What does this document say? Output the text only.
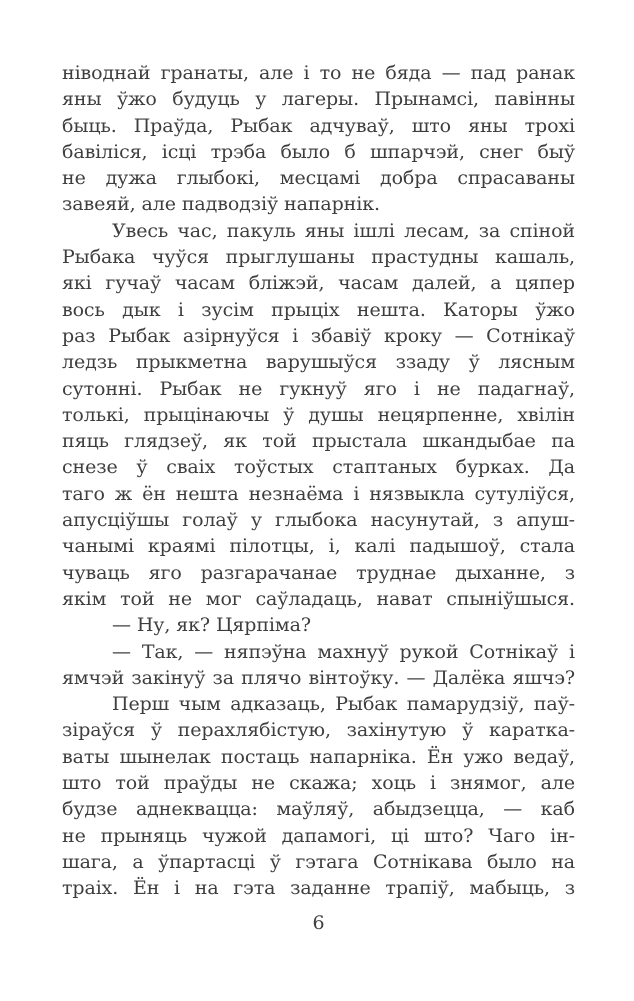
ніводнай гранаты, але і то не бяда — пад ранак
яны ўжо будуць у лагеры. Прынамсі, павінны
быць. Праўда, Рыбак адчуваў, што яны трохі
бавіліся, ісці трэба было б шпарчэй, снег быў
не дужа глыбокі, месцамі добра спрасаваны
завеяй, але падводзіў напарнік.
Увесь час, пакуль яны ішлі лесам, за спіной
Рыбака чуўся прыглушаны прастудны кашаль,
які гучаў часам бліжэй, часам далей, а цяпер
вось дык і зусім прыціх нешта. Каторы ўжо
раз Рыбак азірнуўся і збавіў кроку — Сотнікаў
ледзь прыкметна варушыўся ззаду ў лясным
сутонні. Рыбак не гукнуў яго і не падагнаў,
толькі, прыцінаючы ў душы нецярпенне, хвілін
пяць глядзеў, як той прыстала шкандыбае па
снезе ў сваіх тоўстых стаптаных бурках. Да
таго ж ён нешта незнаёма і нязвыкла сутуліўся,
апусціўшы голаў у глыбока насунутай, з апуш-
чанымі краямі пілотцы, і, калі падышоў, стала
чуваць яго разгарачанае труднае дыханне, з
якім той не мог саўладаць, нават спыніўшыся.
— Ну, як? Цярпіма?
— Так, — няпэўна махнуў рукой Сотнікаў і
ямчэй закінуў за плячо вінтоўку. — Далёка яшчэ?
Перш чым адказаць, Рыбак памарудзіў, паў-
зіраўся ў перахлябістую, захінутую ў каратка-
ваты шынелак постаць напарніка. Ён ужо ведаў,
што той праўды не скажа; хоць і знямог, але
будзе аднеквацца: маўляў, абыдзецца, — каб
не прыняць чужой дапамогі, ці што? Чаго ін-
шага, а ўпартасці ў гэтага Сотнікава было на
траіх. Ён і на гэта заданне трапіў, мабыць, з
6
